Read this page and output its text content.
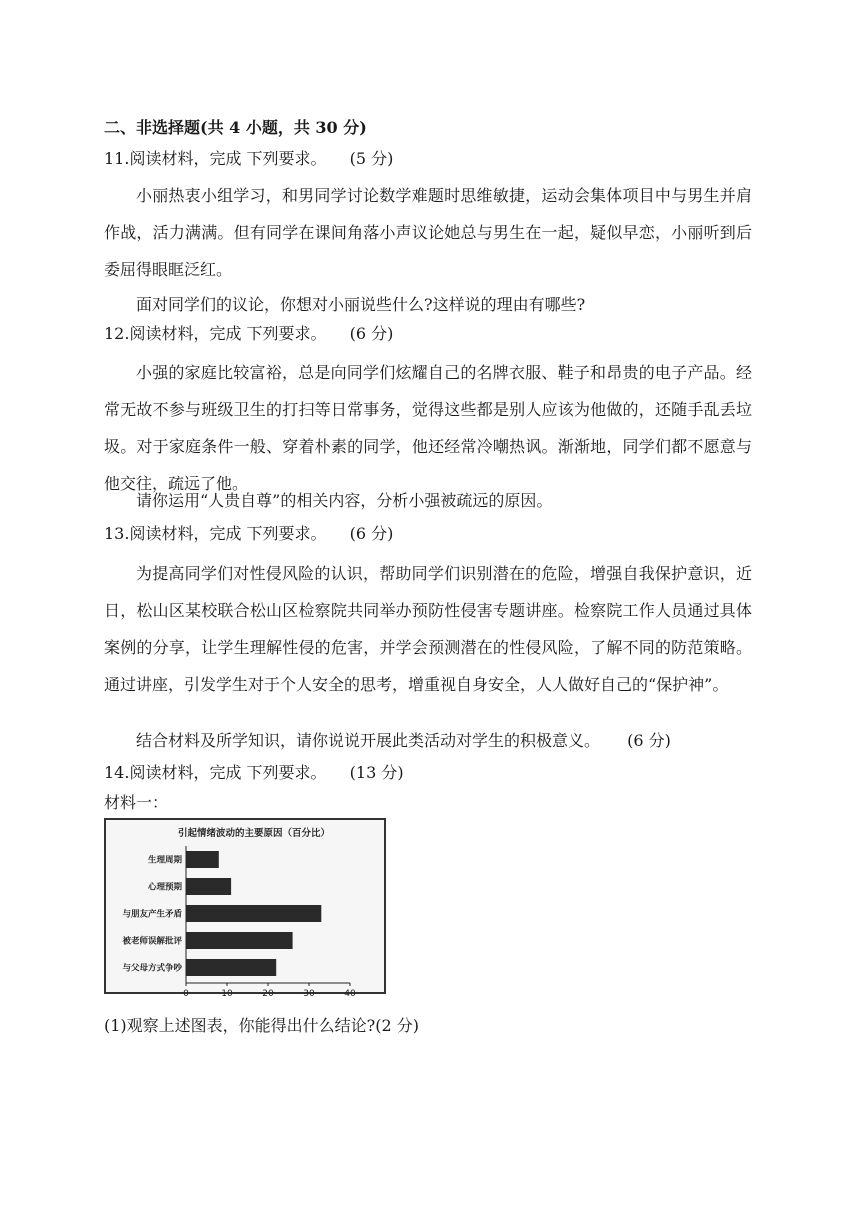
二、非选择题(共 4 小题，共 30 分)
11.阅读材料，完成 下列要求。 (5 分)
小丽热衷小组学习，和男同学讨论数学难题时思维敏捷，运动会集体项目中与男生并肩作战，活力满满。但有同学在课间角落小声议论她总与男生在一起，疑似早恋，小丽听到后委屈得眼眶泛红。
面对同学们的议论，你想对小丽说些什么?这样说的理由有哪些?
12.阅读材料，完成 下列要求。 (6 分)
小强的家庭比较富裕，总是向同学们炫耀自己的名牌衣服、鞋子和昂贵的电子产品。经常无故不参与班级卫生的打扫等日常事务，觉得这些都是别人应该为他做的，还随手乱丢垃圾。对于家庭条件一般、穿着朴素的同学，他还经常冷嘲热讽。渐渐地，同学们都不愿意与他交往，疏远了他。
请你运用“人贵自尊”的相关内容，分析小强被疏远的原因。
13.阅读材料，完成 下列要求。 (6 分)
为提高同学们对性侵风险的认识，帮助同学们识别潜在的危险，增强自我保护意识，近日，松山区某校联合松山区检察院共同举办预防性侵害专题讲座。检察院工作人员通过具体案例的分享，让学生理解性侵的危害，并学会预测潜在的性侵风险，了解不同的防范策略。通过讲座，引发学生对于个人安全的思考，增重视自身安全，人人做好自己的“保护神”。
结合材料及所学知识，请你说说开展此类活动对学生的积极意义。 (6 分)
14.阅读材料，完成 下列要求。 (13 分)
材料一：
引起情绪波动的主要原因（百分比）
生理周期
心理预期
与朋友产生矛盾
被老师误解批评
与父母方式争吵
0	10	20	30	40
(1)观察上述图表，你能得出什么结论?(2 分)
